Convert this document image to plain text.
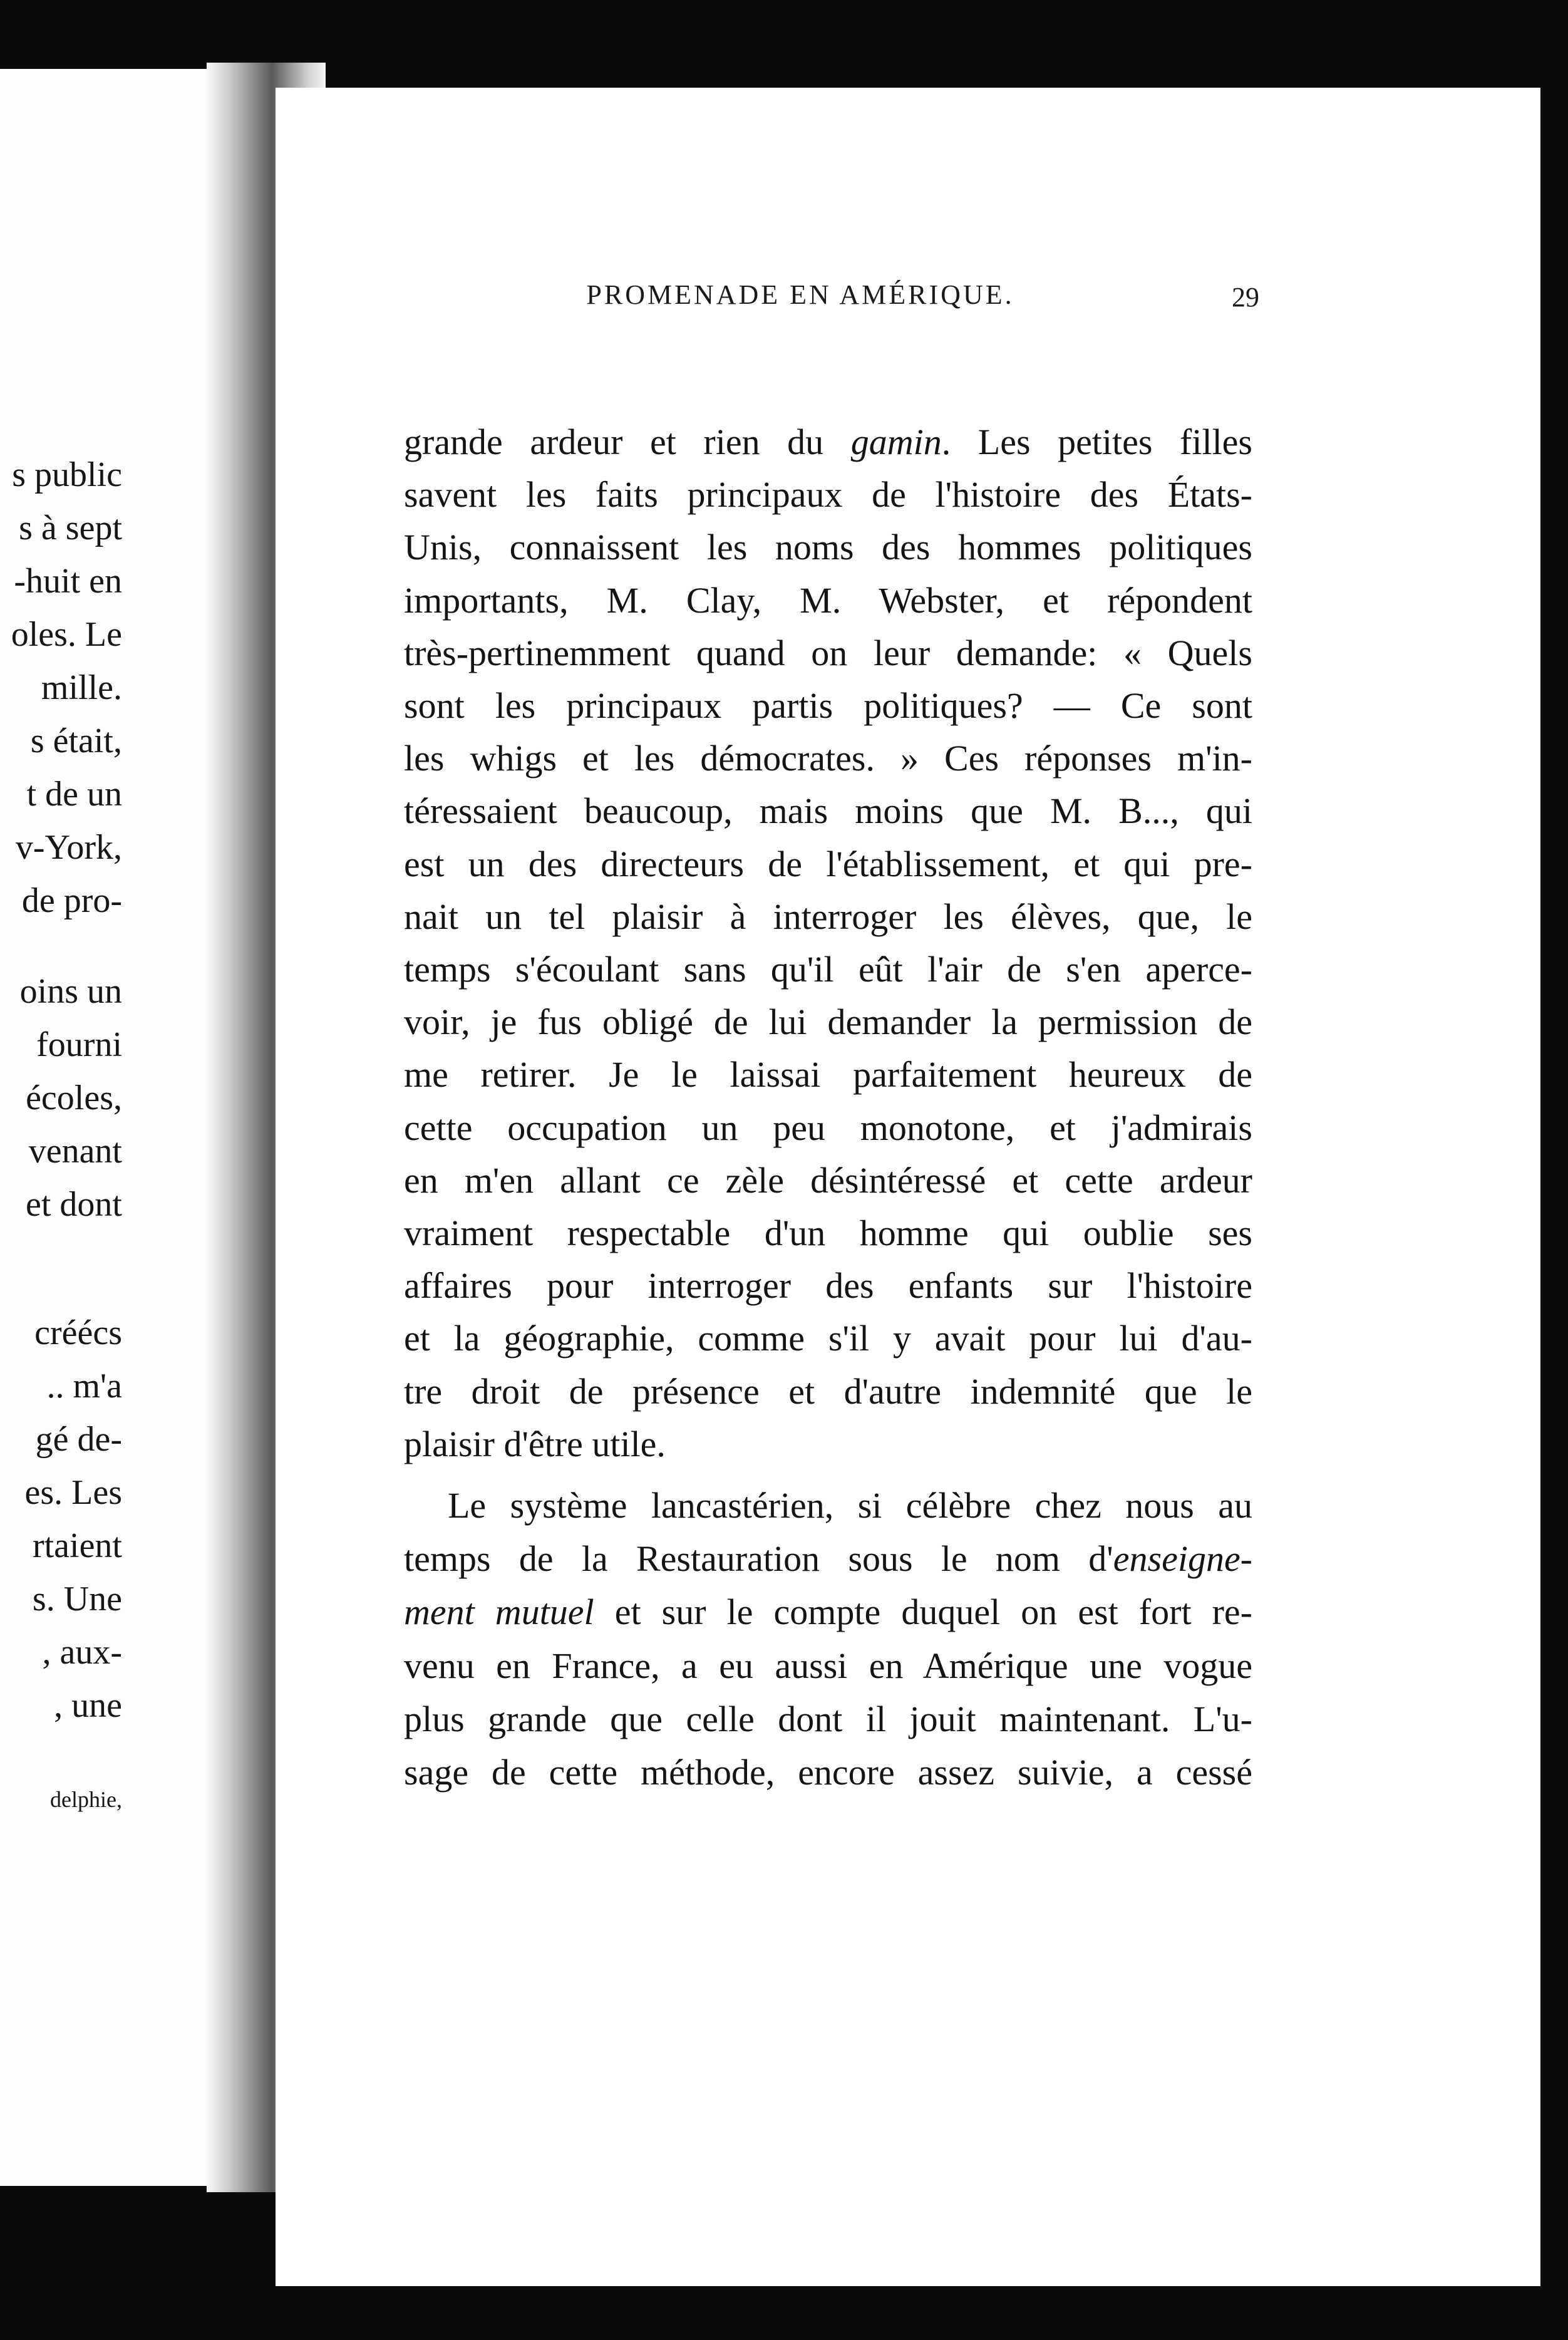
s public
s à sept
-huit en
oles. Le
mille.
s était,
t de un
v-York,
de pro-
oins un
fourni
écoles,
venant
et dont
créécs
.. m'a
gé de-
es. Les
rtaient
s. Une
, aux-
, une
delphie,
PROMENADE EN AMÉRIQUE.	29
grande ardeur et rien du gamin. Les petites filles
savent les faits principaux de l'histoire des États-
Unis, connaissent les noms des hommes politiques
importants, M. Clay, M. Webster, et répondent
très-pertinemment quand on leur demande: « Quels
sont les principaux partis politiques? — Ce sont
les whigs et les démocrates. » Ces réponses m'in-
téressaient beaucoup, mais moins que M. B..., qui
est un des directeurs de l'établissement, et qui pre-
nait un tel plaisir à interroger les élèves, que, le
temps s'écoulant sans qu'il eût l'air de s'en aperce-
voir, je fus obligé de lui demander la permission de
me retirer. Je le laissai parfaitement heureux de
cette occupation un peu monotone, et j'admirais
en m'en allant ce zèle désintéressé et cette ardeur
vraiment respectable d'un homme qui oublie ses
affaires pour interroger des enfants sur l'histoire
et la géographie, comme s'il y avait pour lui d'au-
tre droit de présence et d'autre indemnité que le
plaisir d'être utile.
Le système lancastérien, si célèbre chez nous au
temps de la Restauration sous le nom d'enseigne-
ment mutuel et sur le compte duquel on est fort re-
venu en France, a eu aussi en Amérique une vogue
plus grande que celle dont il jouit maintenant. L'u-
sage de cette méthode, encore assez suivie, a cessé
